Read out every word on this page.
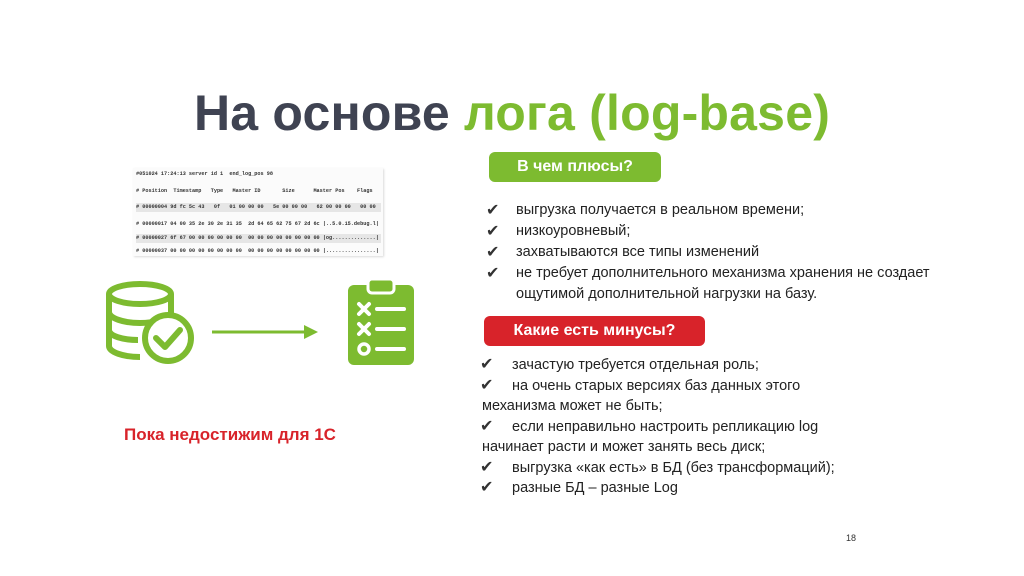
На основе лога (log-base)
#051024 17:24:13 server id 1  end_log_pos 98
# Position  Timestamp   Type   Master ID       Size      Master Pos    Flags
# 00000004 9d fc 5c 43   0f   01 00 00 00   5e 00 00 00   62 00 00 00   00 00
# 00000017 04 00 35 2e 30 2e 31 35  2d 64 65 62 75 67 2d 6c |..5.0.15.debug.l|
# 00000027 6f 67 00 00 00 00 00 00  00 00 00 00 00 00 00 00 |og..............|
# 00000037 00 00 00 00 00 00 00 00  00 00 00 00 00 00 00 00 |................|
Пока недостижим для 1С
В чем плюсы?
✔ выгрузка получается в реальном времени;
✔ низкоуровневый;
✔ захватываются все типы изменений
✔ не требует дополнительного механизма хранения не создает ощутимой дополнительной нагрузки на базу.
Какие есть минусы?
✔ зачастую требуется отдельная роль;
✔ на очень старых версиях баз данных этого
механизма может не быть;
✔ если неправильно настроить репликацию log
начинает расти и может занять весь диск;
✔ выгрузка «как есть» в БД (без трансформаций);
✔ разные БД – разные Log
18
